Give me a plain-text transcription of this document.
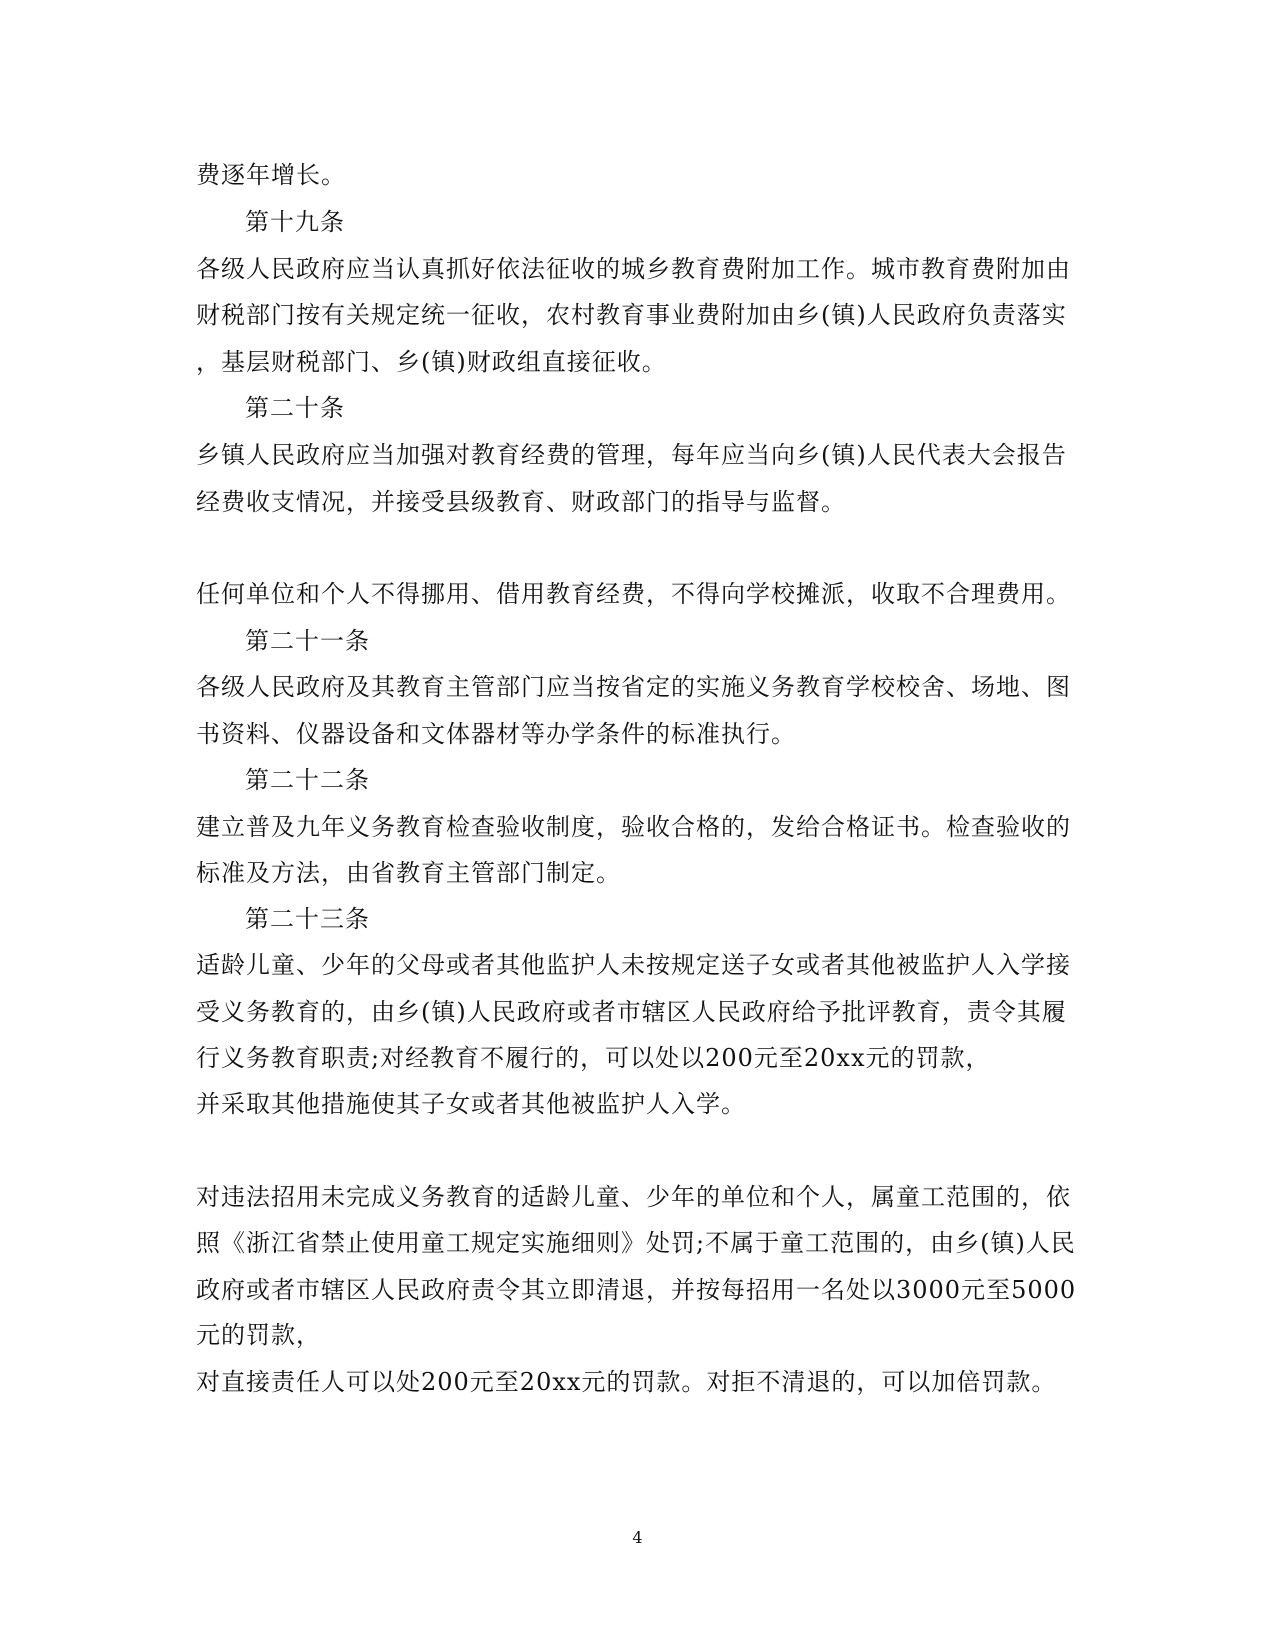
费逐年增长。
第十九条
各级人民政府应当认真抓好依法征收的城乡教育费附加工作。城市教育费附加由
财税部门按有关规定统一征收，农村教育事业费附加由乡(镇)人民政府负责落实
，基层财税部门、乡(镇)财政组直接征收。
第二十条
乡镇人民政府应当加强对教育经费的管理，每年应当向乡(镇)人民代表大会报告
经费收支情况，并接受县级教育、财政部门的指导与监督。
任何单位和个人不得挪用、借用教育经费，不得向学校摊派，收取不合理费用。
第二十一条
各级人民政府及其教育主管部门应当按省定的实施义务教育学校校舍、场地、图
书资料、仪器设备和文体器材等办学条件的标准执行。
第二十二条
建立普及九年义务教育检查验收制度，验收合格的，发给合格证书。检查验收的
标准及方法，由省教育主管部门制定。
第二十三条
适龄儿童、少年的父母或者其他监护人未按规定送子女或者其他被监护人入学接
受义务教育的，由乡(镇)人民政府或者市辖区人民政府给予批评教育，责令其履
行义务教育职责;对经教育不履行的，可以处以200元至20xx元的罚款，
并采取其他措施使其子女或者其他被监护人入学。
对违法招用未完成义务教育的适龄儿童、少年的单位和个人，属童工范围的，依
照《浙江省禁止使用童工规定实施细则》处罚;不属于童工范围的，由乡(镇)人民
政府或者市辖区人民政府责令其立即清退，并按每招用一名处以3000元至5000
元的罚款，
对直接责任人可以处200元至20xx元的罚款。对拒不清退的，可以加倍罚款。
4
